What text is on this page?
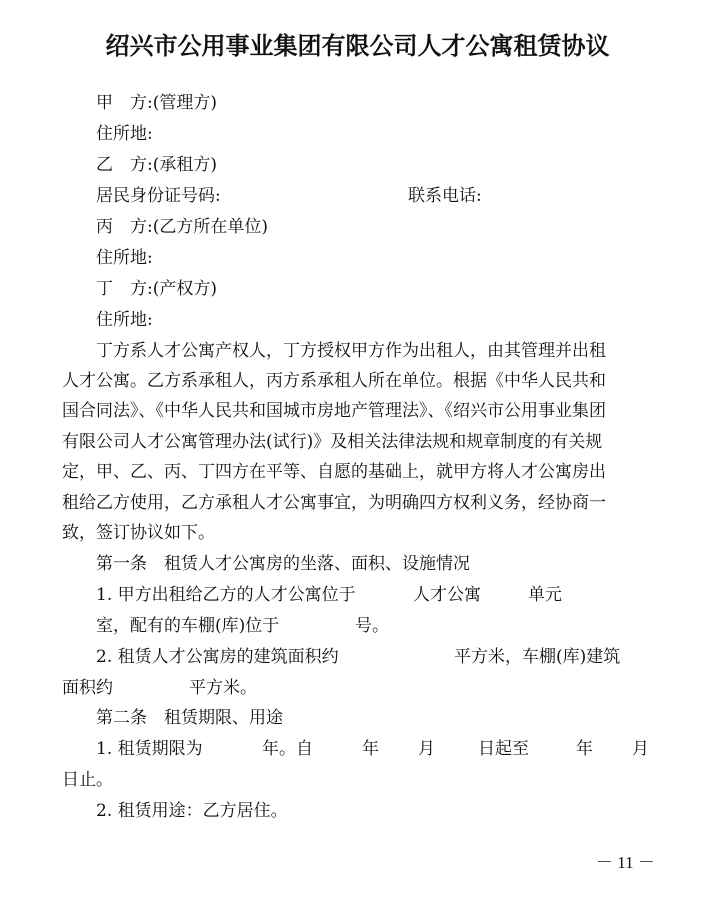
绍兴市公用事业集团有限公司人才公寓租赁协议
甲　方:(管理方)
住所地:
乙　方:(承租方)
居民身份证号码:	联系电话:
丙　方:(乙方所在单位)
住所地:
丁　方:(产权方)
住所地:
丁方系人才公寓产权人，丁方授权甲方作为出租人，由其管理并出租
人才公寓。乙方系承租人，丙方系承租人所在单位。根据《中华人民共和
国合同法》、《中华人民共和国城市房地产管理法》、《绍兴市公用事业集团
有限公司人才公寓管理办法(试行)》及相关法律法规和规章制度的有关规
定，甲、乙、丙、丁四方在平等、自愿的基础上，就甲方将人才公寓房出
租给乙方使用，乙方承租人才公寓事宜，为明确四方权利义务，经协商一
致，签订协议如下。
第一条　租赁人才公寓房的坐落、面积、设施情况
1. 甲方出租给乙方的人才公寓位于	人才公寓	单元
室，配有的车棚(库)位于	号。
2. 租赁人才公寓房的建筑面积约	平方米，车棚(库)建筑
面积约	平方米。
第二条　租赁期限、用途
1. 租赁期限为	年。自	年 月	日起至	年 月
日止。
2. 租赁用途：乙方居住。
－ 11 －
